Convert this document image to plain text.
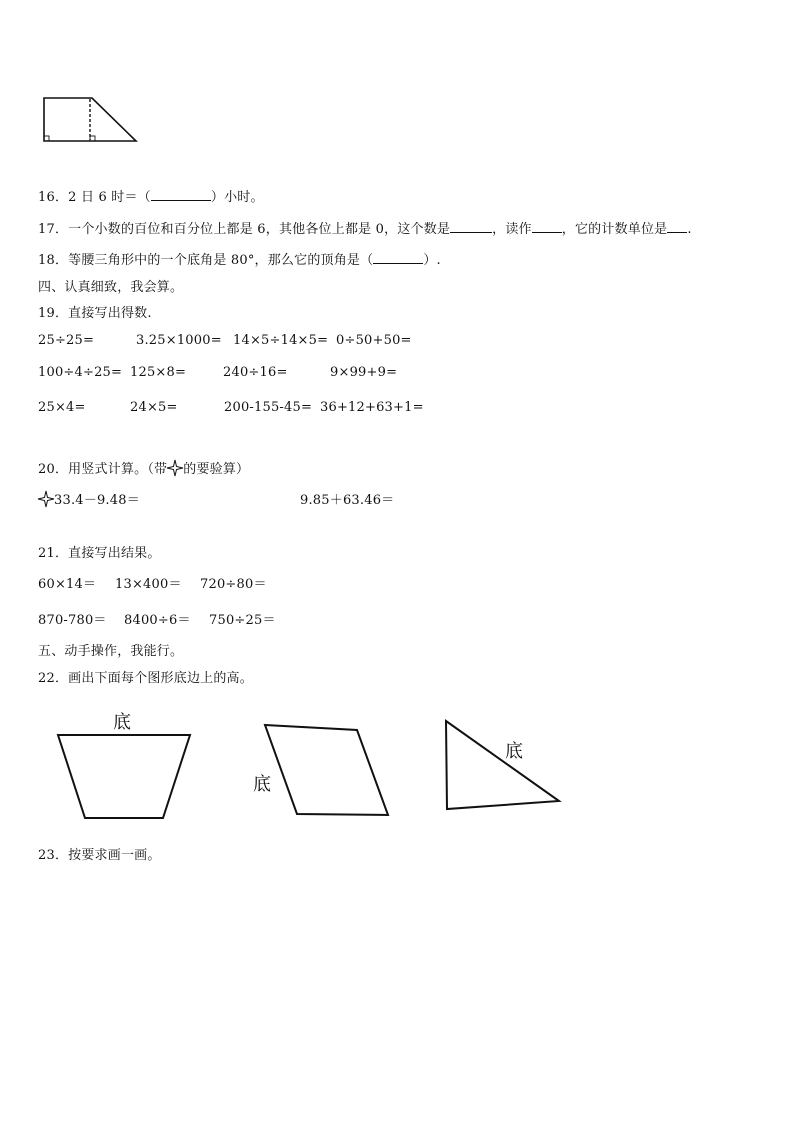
16．2 日 6 时＝（	）小时。
17．一个小数的百位和百分位上都是 6，其他各位上都是 0，这个数是	，读作 ，它的计数单位是 .
18．等腰三角形中的一个底角是 80°，那么它的顶角是（	）.
四、认真细致，我会算。
19．直接写出得数.
25÷25=	3.25×1000= 14×5÷14×5= 0÷50+50=
100÷4÷25= 125×8=	240÷16=	9×99+9=
25×4=	24×5=	200-155-45= 36+12+63+1=
20．用竖式计算。（带 的要验算）
33.4－9.48＝	9.85＋63.46＝
21．直接写出结果。
60×14＝ 13×400＝ 720÷80＝
870-780＝ 8400÷6＝ 750÷25＝
五、动手操作，我能行。
22．画出下面每个图形底边上的高。
底
底
底
23．按要求画一画。
